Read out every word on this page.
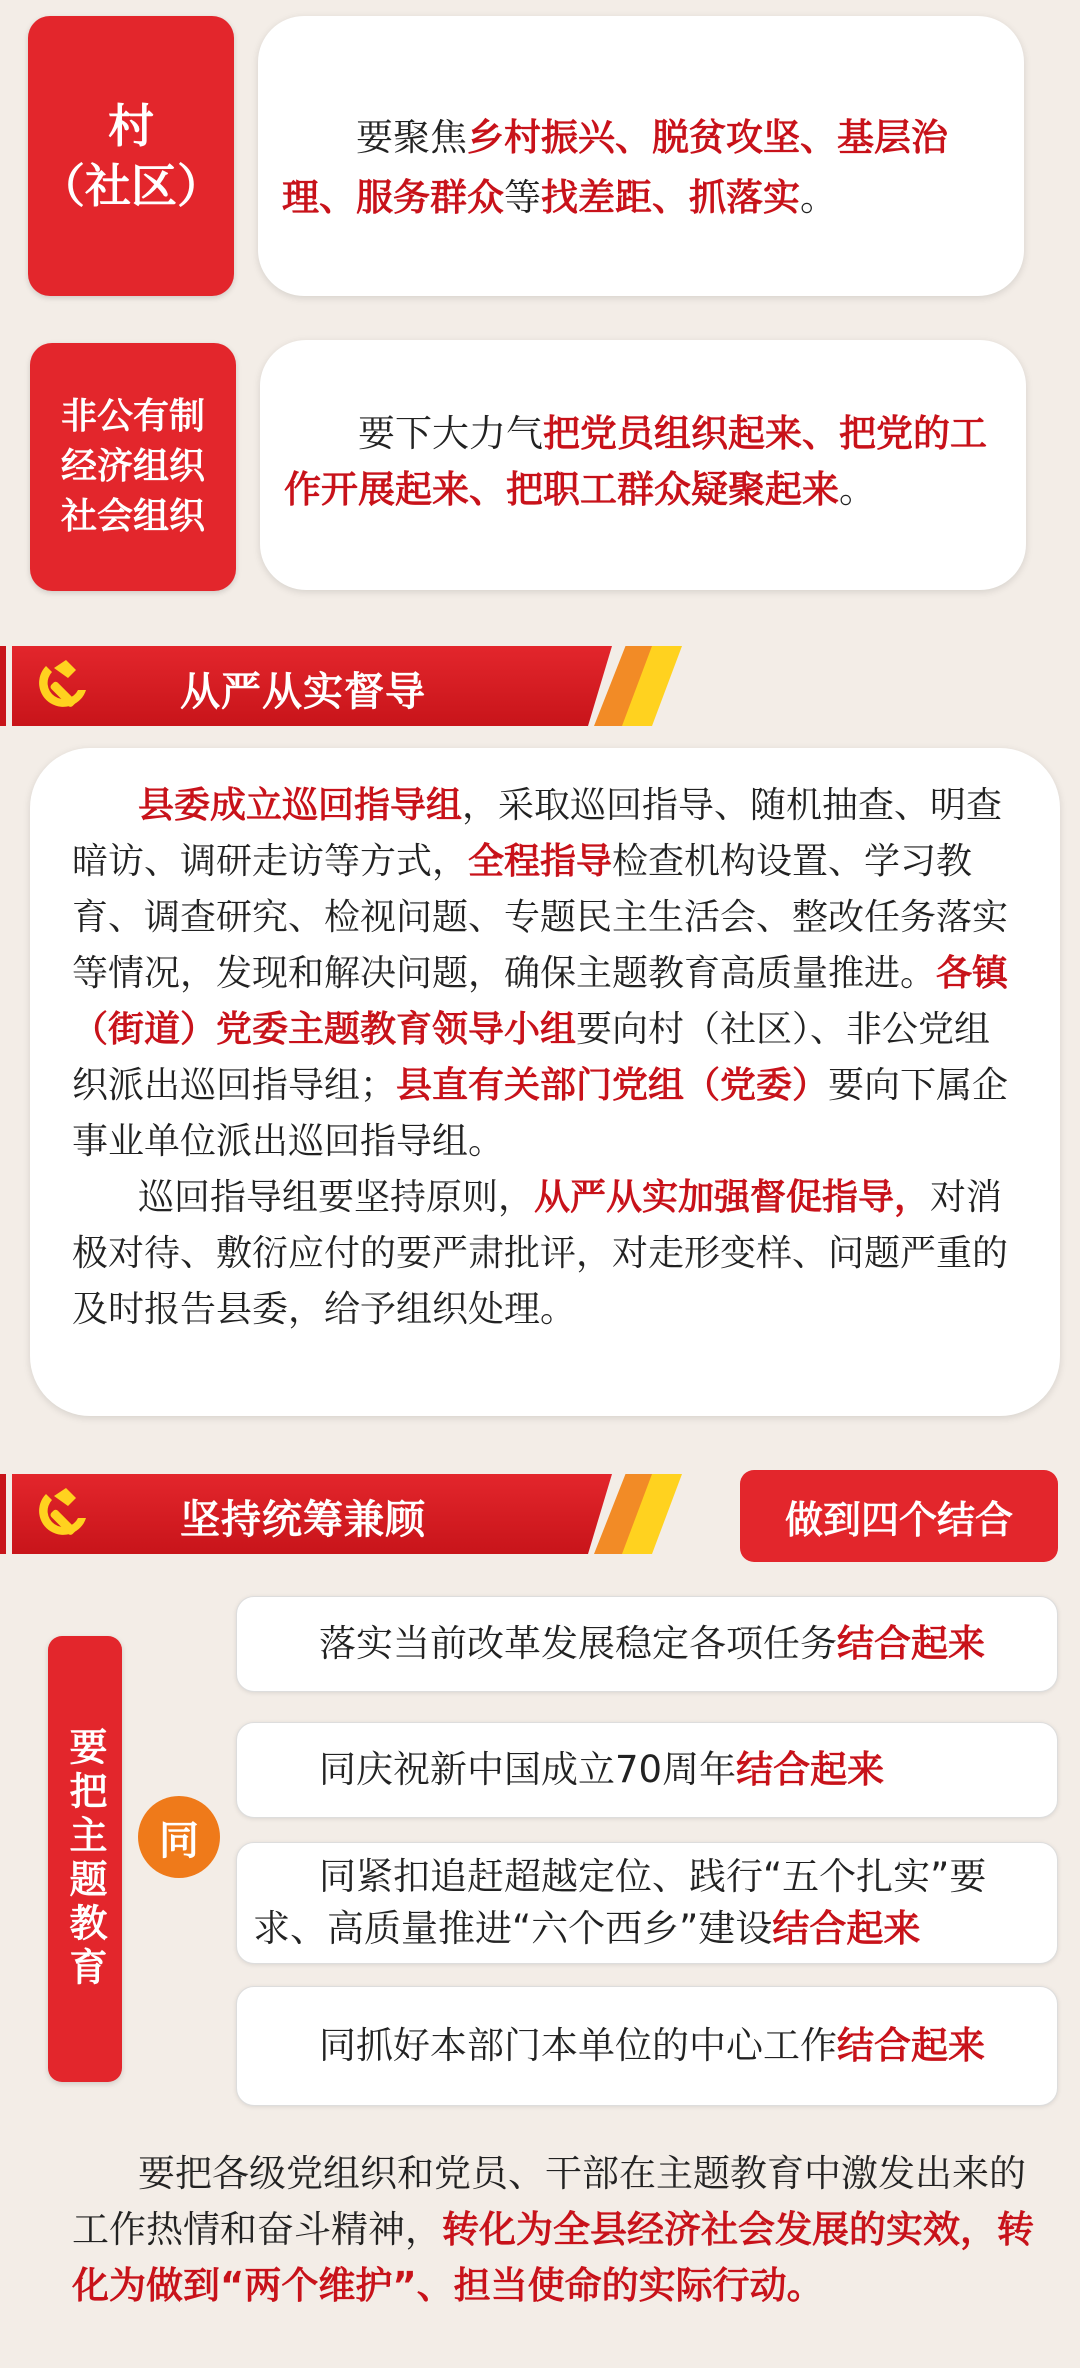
村
（社区）

要聚焦乡村振兴、脱贫攻坚、基层治理、服务群众等找差距、抓落实。

非公有制
经济组织
社会组织

要下大力气把党员组织起来、把党的工作开展起来、把职工群众疑聚起来。

从严从实督导

县委成立巡回指导组，采取巡回指导、随机抽查、明查暗访、调研走访等方式，全程指导检查机构设置、学习教育、调查研究、检视问题、专题民主生活会、整改任务落实等情况，发现和解决问题，确保主题教育高质量推进。各镇（街道）党委主题教育领导小组要向村（社区）、非公党组织派出巡回指导组；县直有关部门党组（党委）要向下属企事业单位派出巡回指导组。

巡回指导组要坚持原则，从严从实加强督促指导，对消极对待、敷衍应付的要严肃批评，对走形变样、问题严重的及时报告县委，给予组织处理。

坚持统筹兼顾	做到四个结合
要把主题教育	同
落实当前改革发展稳定各项任务结合起来
同庆祝新中国成立70周年结合起来
同紧扣追赶超越定位、践行“五个扎实”要求、高质量推进“六个西乡”建设结合起来
同抓好本部门本单位的中心工作结合起来

要把各级党组织和党员、干部在主题教育中激发出来的工作热情和奋斗精神，转化为全县经济社会发展的实效，转化为做到“两个维护”、担当使命的实际行动。
